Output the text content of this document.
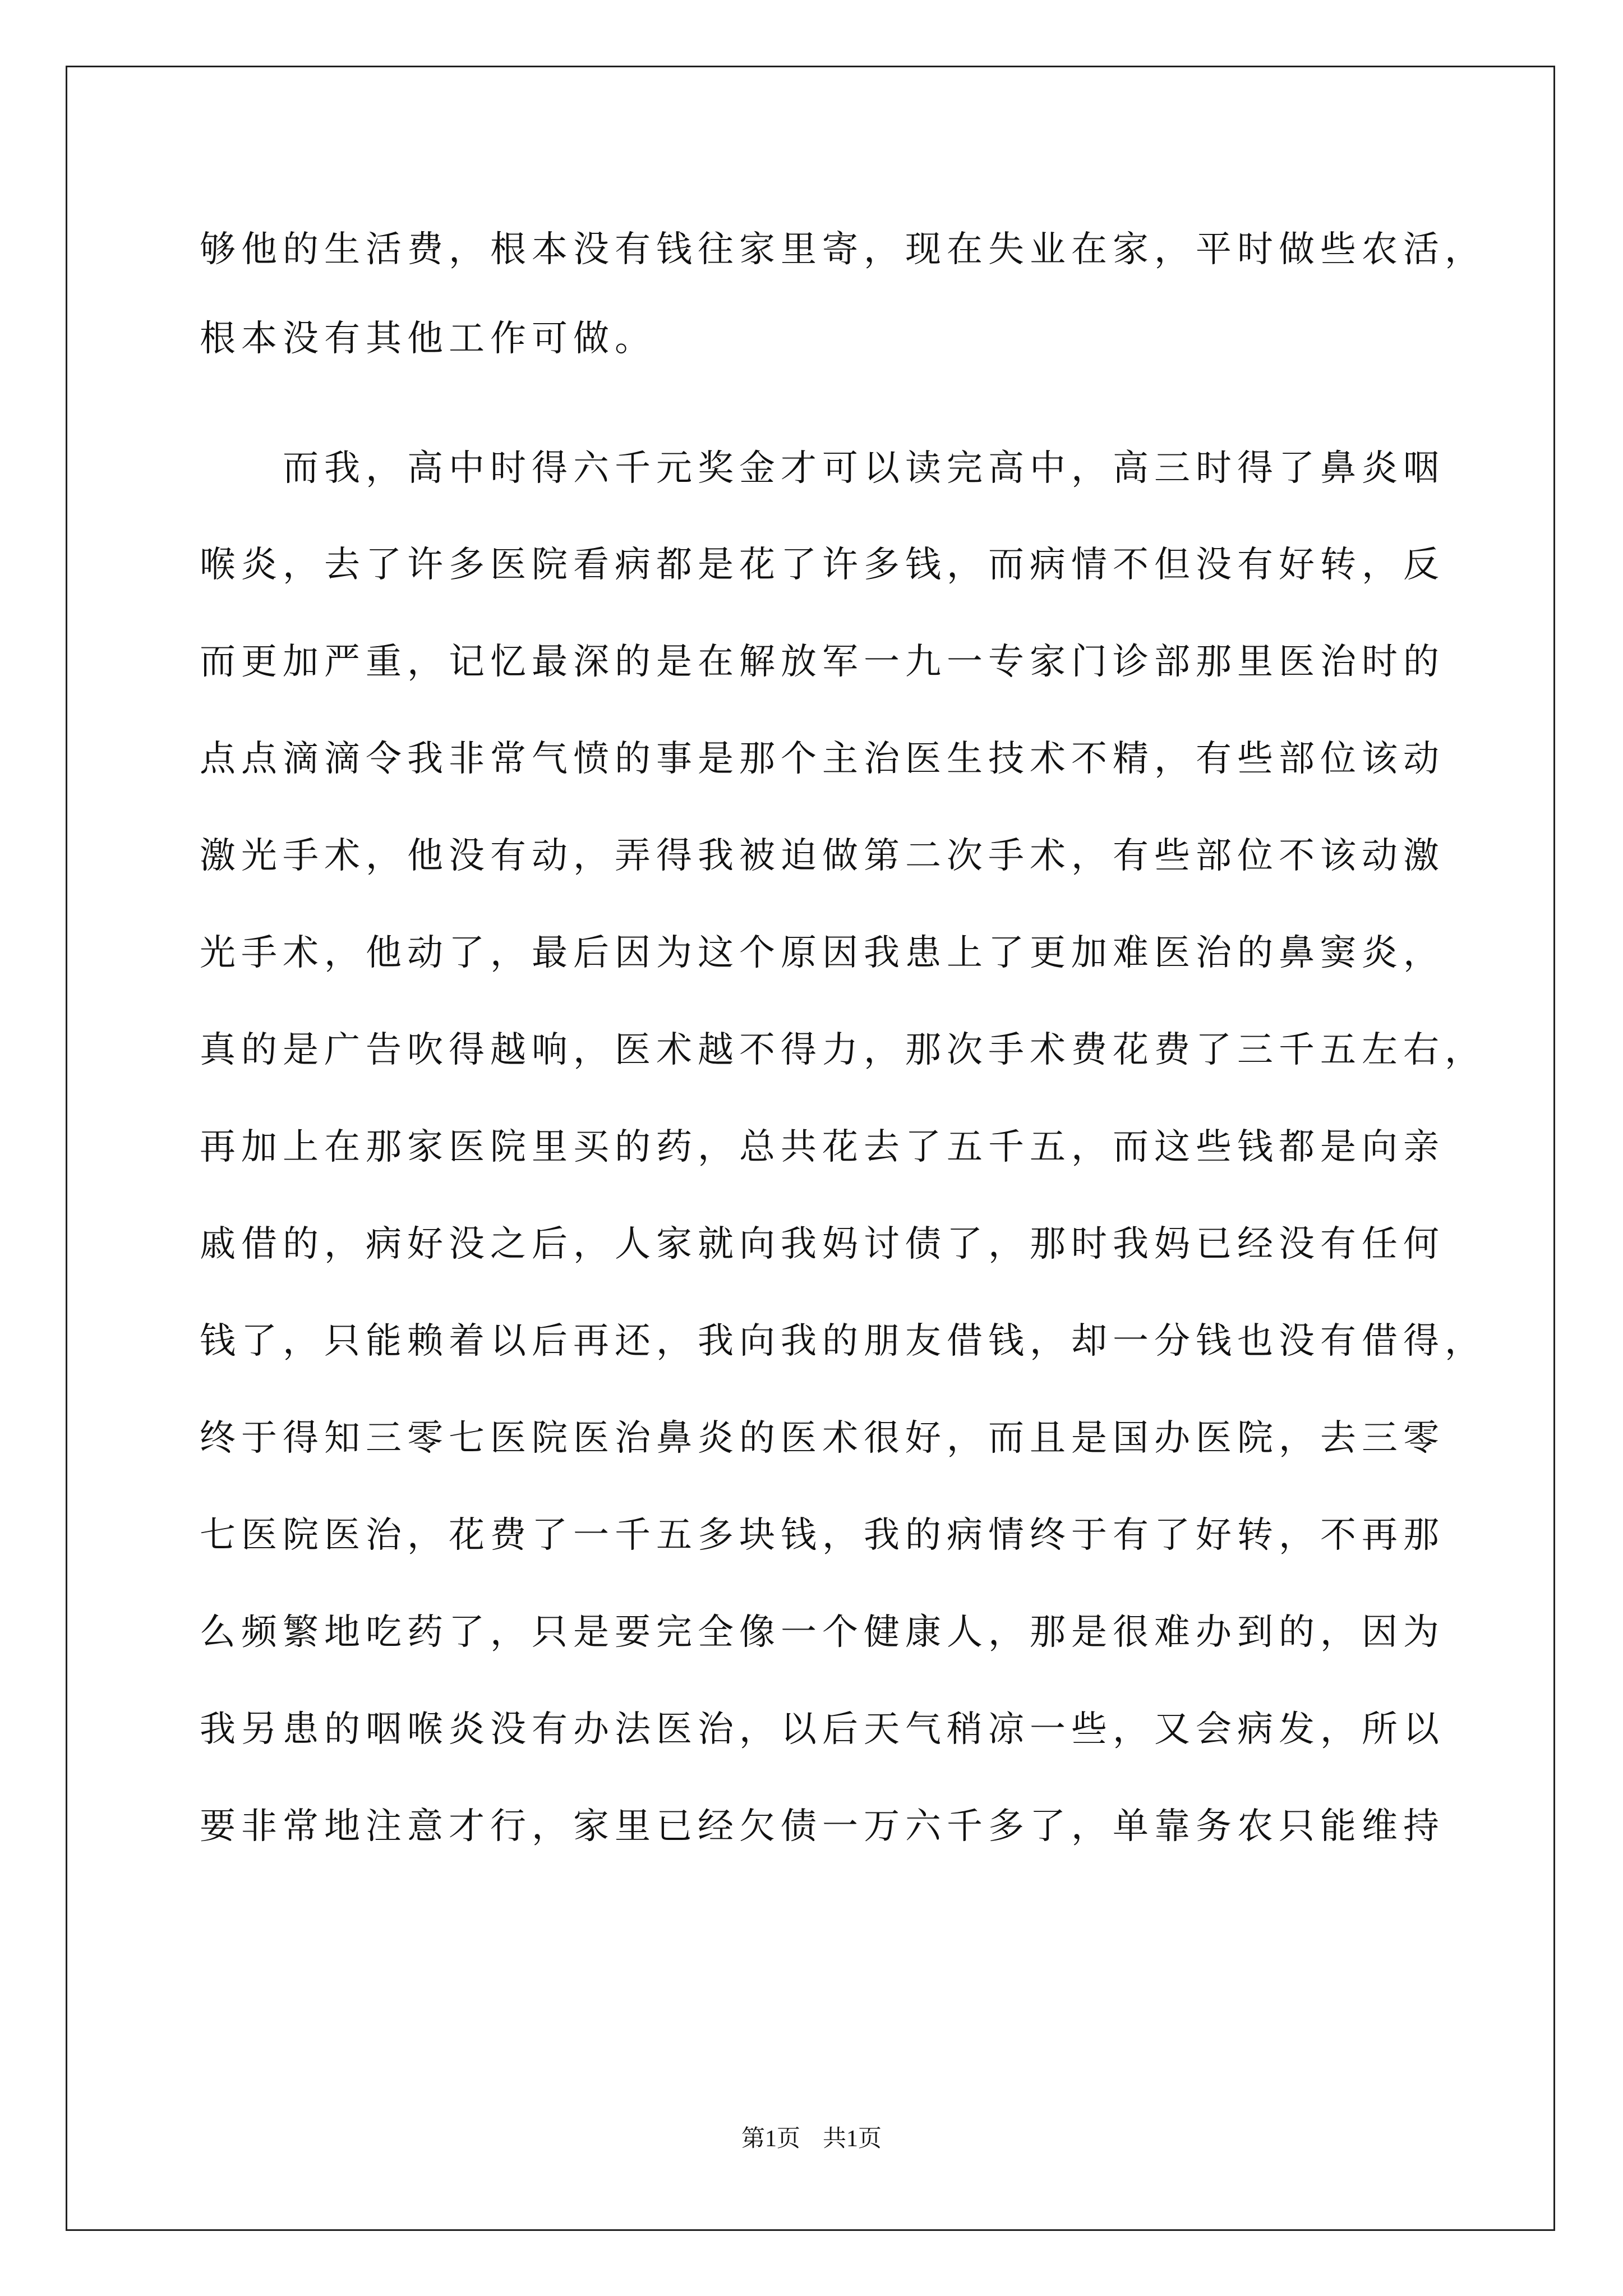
够他的生活费，根本没有钱往家里寄，现在失业在家，平时做些农活，
根本没有其他工作可做。
　　而我，高中时得六千元奖金才可以读完高中，高三时得了鼻炎咽
喉炎，去了许多医院看病都是花了许多钱，而病情不但没有好转，反
而更加严重，记忆最深的是在解放军一九一专家门诊部那里医治时的
点点滴滴令我非常气愤的事是那个主治医生技术不精，有些部位该动
激光手术，他没有动，弄得我被迫做第二次手术，有些部位不该动激
光手术，他动了，最后因为这个原因我患上了更加难医治的鼻窦炎，
真的是广告吹得越响，医术越不得力，那次手术费花费了三千五左右，
再加上在那家医院里买的药，总共花去了五千五，而这些钱都是向亲
戚借的，病好没之后，人家就向我妈讨债了，那时我妈已经没有任何
钱了，只能赖着以后再还，我向我的朋友借钱，却一分钱也没有借得，
终于得知三零七医院医治鼻炎的医术很好，而且是国办医院，去三零
七医院医治，花费了一千五多块钱，我的病情终于有了好转，不再那
么频繁地吃药了，只是要完全像一个健康人，那是很难办到的，因为
我另患的咽喉炎没有办法医治，以后天气稍凉一些，又会病发，所以
要非常地注意才行，家里已经欠债一万六千多了，单靠务农只能维持
第1页 共1页
